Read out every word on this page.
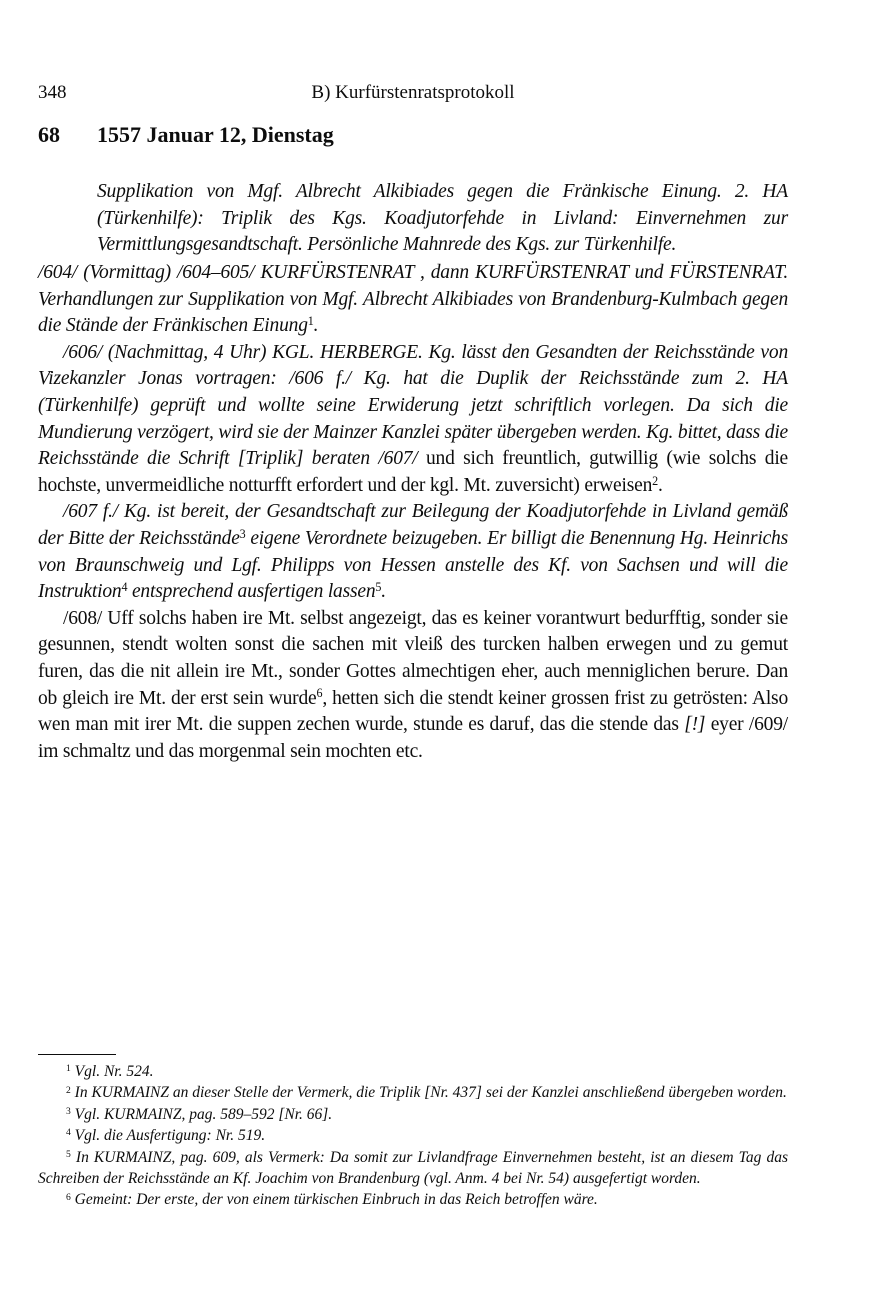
348	B) Kurfürstenratsprotokoll
68 1557 Januar 12, Dienstag
Supplikation von Mgf. Albrecht Alkibiades gegen die Fränkische Einung. 2. HA (Türkenhilfe): Triplik des Kgs. Koadjutorfehde in Livland: Einvernehmen zur Vermittlungsgesandtschaft. Persönliche Mahnrede des Kgs. zur Türkenhilfe.

/604/ (Vormittag) /604–605/ KURFÜRSTENRAT , dann KURFÜRSTENRAT und FÜRSTENRAT. Verhandlungen zur Supplikation von Mgf. Albrecht Alkibiades von Brandenburg-Kulmbach gegen die Stände der Fränkischen Einung$^1$.

/606/ (Nachmittag, 4 Uhr) KGL. HERBERGE. Kg. lässt den Gesandten der Reichsstände von Vizekanzler Jonas vortragen: /606 f./ Kg. hat die Duplik der Reichsstände zum 2. HA (Türkenhilfe) geprüft und wollte seine Erwiderung jetzt schriftlich vorlegen. Da sich die Mundierung verzögert, wird sie der Mainzer Kanzlei später übergeben werden. Kg. bittet, dass die Reichsstände die Schrift [Triplik] beraten /607/ und sich freuntlich, gutwillig (wie solchs die hochste, unvermeidliche notturfft erfordert und der kgl. Mt. zuversicht) erweisen$^2$.

/607 f./ Kg. ist bereit, der Gesandtschaft zur Beilegung der Koadjutorfehde in Livland gemäß der Bitte der Reichsstände$^3$ eigene Verordnete beizugeben. Er billigt die Benennung Hg. Heinrichs von Braunschweig und Lgf. Philipps von Hessen anstelle des Kf. von Sachsen und will die Instruktion$^4$ entsprechend ausfertigen lassen$^5$.

/608/ Uff solchs haben ire Mt. selbst angezeigt, das es keiner vorantwurt bedurfftig, sonder sie gesunnen, stendt wolten sonst die sachen mit vleiß des turcken halben erwegen und zu gemut furen, das die nit allein ire Mt., sonder Gottes almechtigen eher, auch menniglichen berure. Dan ob gleich ire Mt. der erst sein wurde$^6$, hetten sich die stendt keiner grossen frist zu getrösten: Also wen man mit irer Mt. die suppen zechen wurde, stunde es daruf, das die stende das [!] eyer /609/ im schmaltz und das morgenmal sein mochten etc.

$^1$ Vgl. Nr. 524.

$^2$ In KURMAINZ an dieser Stelle der Vermerk, die Triplik [Nr. 437] sei der Kanzlei anschließend übergeben worden.

$^3$ Vgl. KURMAINZ, pag. 589–592 [Nr. 66].

$^4$ Vgl. die Ausfertigung: Nr. 519.

$^5$ In KURMAINZ, pag. 609, als Vermerk: Da somit zur Livlandfrage Einvernehmen besteht, ist an diesem Tag das Schreiben der Reichsstände an Kf. Joachim von Brandenburg (vgl. Anm. 4 bei Nr. 54) ausgefertigt worden.

$^6$ Gemeint: Der erste, der von einem türkischen Einbruch in das Reich betroffen wäre.
